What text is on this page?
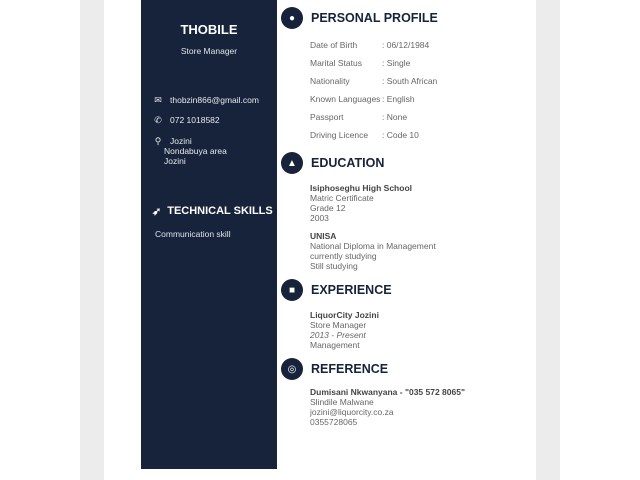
THOBILE
Store Manager
✉ thobzin866@gmail.com
✆ 072 1018582
⚲	Jozini
Nondabuya area
Jozini
➶ TECHNICAL SKILLS
Communication skill
●	PERSONAL PROFILE
Date of Birth	: 06/12/1984
Marital Status	: Single
Nationality	: South African
Known Languages : English
Passport	: None
Driving Licence	: Code 10
▲	EDUCATION
Isiphoseghu High School
Matric Certificate
Grade 12
2003
UNISA
National Diploma in Management
currently studying
Still studying
■	EXPERIENCE
LiquorCity Jozini
Store Manager
2013 - Present
Management
◎	REFERENCE
Dumisani Nkwanyana - "035 572 8065"
Slindile Malwane
jozini@liquorcity.co.za
0355728065
